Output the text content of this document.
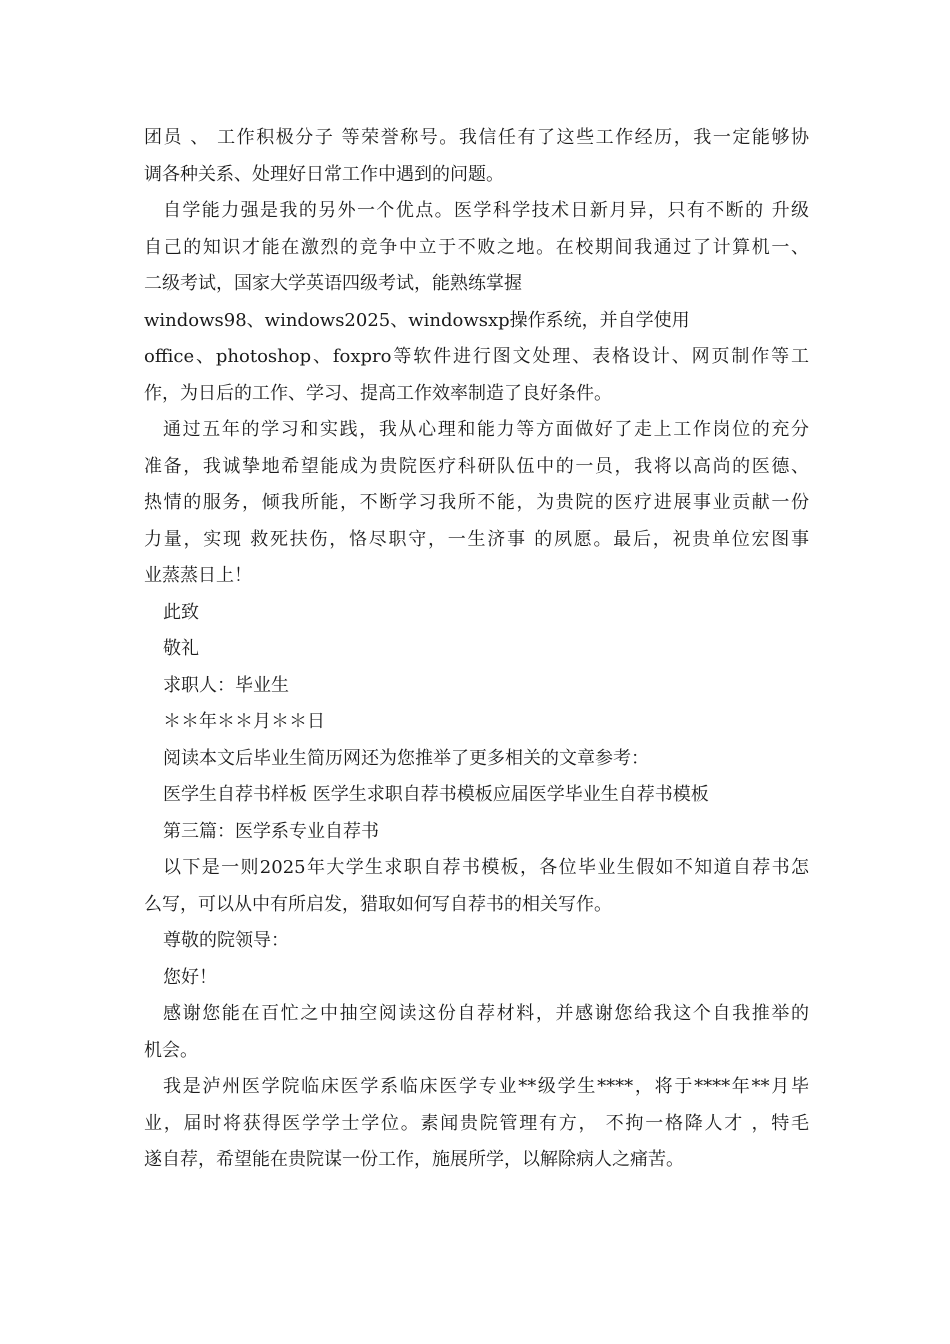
团员 、 工作积极分子 等荣誉称号。我信任有了这些工作经历，我一定能够协
调各种关系、处理好日常工作中遇到的问题。
自学能力强是我的另外一个优点。医学科学技术日新月异，只有不断的 升级
自己的知识才能在激烈的竞争中立于不败之地。在校期间我通过了计算机一、
二级考试，国家大学英语四级考试，能熟练掌握
windows98、windows2025、windowsxp操作系统，并自学使用
office、photoshop、foxpro等软件进行图文处理、表格设计、网页制作等工
作，为日后的工作、学习、提高工作效率制造了良好条件。
通过五年的学习和实践，我从心理和能力等方面做好了走上工作岗位的充分
准备，我诚挚地希望能成为贵院医疗科研队伍中的一员，我将以高尚的医德、
热情的服务，倾我所能，不断学习我所不能，为贵院的医疗进展事业贡献一份
力量，实现 救死扶伤，恪尽职守，一生济事 的夙愿。最后，祝贵单位宏图事
业蒸蒸日上！
此致
敬礼
求职人：毕业生
＊＊年＊＊月＊＊日
阅读本文后毕业生简历网还为您推举了更多相关的文章参考：
医学生自荐书样板 医学生求职自荐书模板应届医学毕业生自荐书模板
第三篇：医学系专业自荐书
以下是一则2025年大学生求职自荐书模板，各位毕业生假如不知道自荐书怎
么写，可以从中有所启发，猎取如何写自荐书的相关写作。
尊敬的院领导：
您好！
感谢您能在百忙之中抽空阅读这份自荐材料，并感谢您给我这个自我推举的
机会。
我是泸州医学院临床医学系临床医学专业**级学生****，将于****年**月毕
业，届时将获得医学学士学位。素闻贵院管理有方， 不拘一格降人才 ，特毛
遂自荐，希望能在贵院谋一份工作，施展所学，以解除病人之痛苦。
